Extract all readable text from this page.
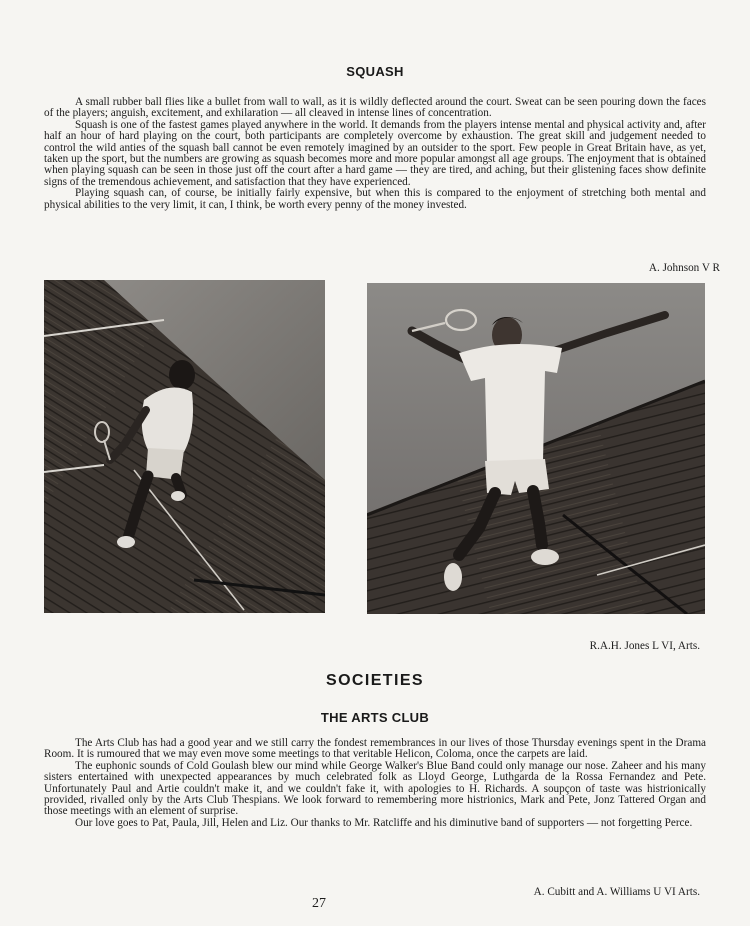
SQUASH

A small rubber ball flies like a bullet from wall to wall, as it is wildly deflected around the court. Sweat can be seen pouring down the faces of the players; anguish, excitement, and exhilaration — all cleaved in intense lines of concentration.

Squash is one of the fastest games played anywhere in the world. It demands from the players intense mental and physical activity and, after half an hour of hard playing on the court, both participants are completely overcome by exhaustion. The great skill and judgement needed to control the wild anties of the squash ball cannot be even remotely imagined by an outsider to the sport. Few people in Great Britain have, as yet, taken up the sport, but the numbers are growing as squash becomes more and more popular amongst all age groups. The enjoyment that is obtained when playing squash can be seen in those just off the court after a hard game — they are tired, and aching, but their glistening faces show definite signs of the tremendous achievement, and satisfaction that they have experienced.

Playing squash can, of course, be initially fairly expensive, but when this is compared to the enjoyment of stretching both mental and physical abilities to the very limit, it can, I think, be worth every penny of the money invested.

A. Johnson V R
R.A.H. Jones L VI, Arts.
SOCIETIES
THE ARTS CLUB

The Arts Club has had a good year and we still carry the fondest remembrances in our lives of those Thursday evenings spent in the Drama Room. It is rumoured that we may even move some meetings to that veritable Helicon, Coloma, once the carpets are laid.

The euphonic sounds of Cold Goulash blew our mind while George Walker's Blue Band could only manage our nose. Zaheer and his many sisters entertained with unexpected appearances by much celebrated folk as Lloyd George, Luthgarda de la Rossa Fernandez and Pete. Unfortunately Paul and Artie couldn't make it, and we couldn't fake it, with apologies to H. Richards. A soupçon of taste was histrionically provided, rivalled only by the Arts Club Thespians. We look forward to remembering more histrionics, Mark and Pete, Jonz Tattered Organ and those meetings with an element of surprise.

Our love goes to Pat, Paula, Jill, Helen and Liz. Our thanks to Mr. Ratcliffe and his diminutive band of supporters — not forgetting Perce.

A. Cubitt and A. Williams U VI Arts.
27
